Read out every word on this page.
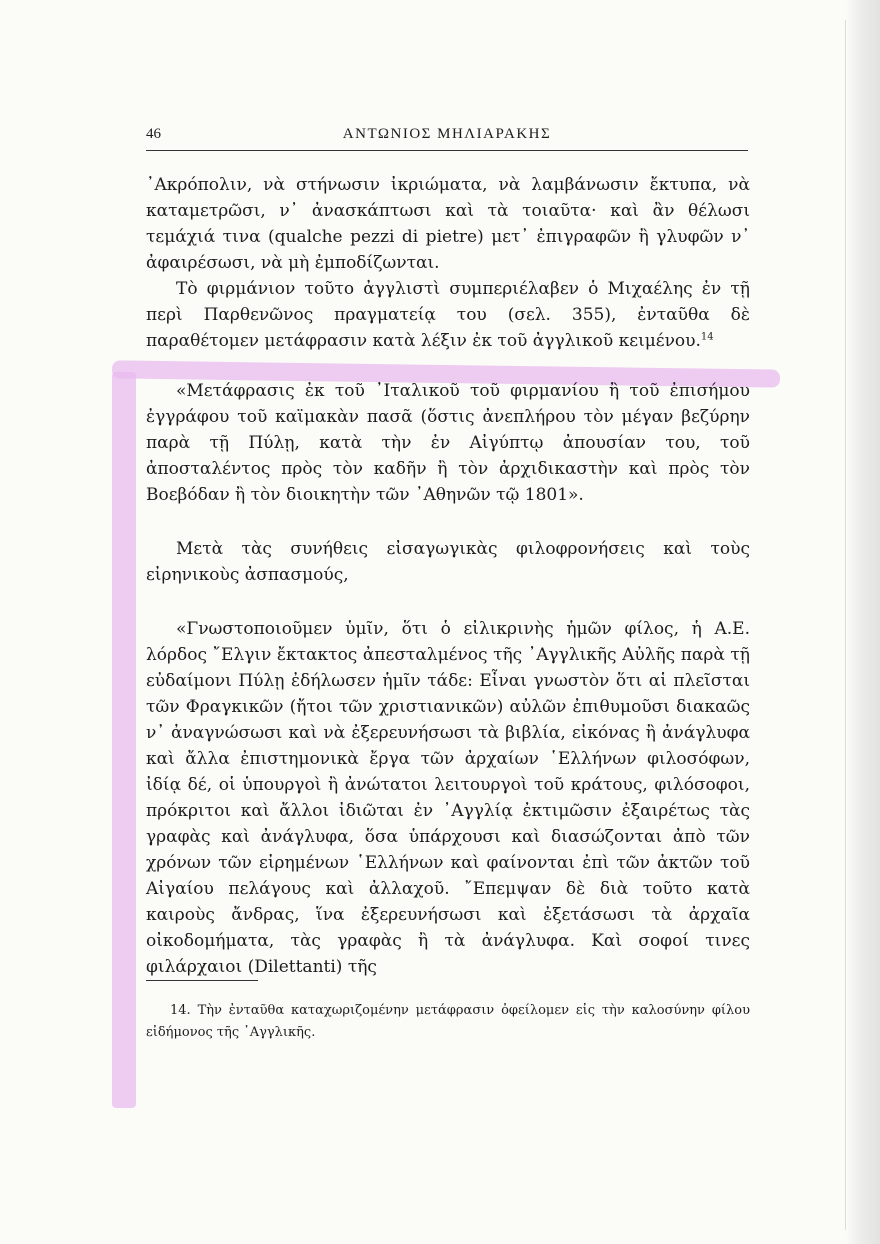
46	ΑΝΤΩΝΙΟΣ ΜΗΛΙΑΡΑΚΗΣ

᾿Ακρόπολιν, νὰ στήνωσιν ἰκριώματα, νὰ λαμβάνωσιν ἔκτυπα, νὰ καταμετρῶσι, ν᾿ ἀνασκάπτωσι καὶ τὰ τοιαῦτα· καὶ ἂν θέλωσι τεμάχιά τινα (qualche pezzi di pietre) μετ᾿ ἐπιγραφῶν ἢ γλυφῶν ν᾿ ἀφαιρέσωσι, νὰ μὴ ἐμποδίζωνται.

Τὸ φιρμάνιον τοῦτο ἀγγλιστὶ συμπεριέλαβεν ὁ Μιχαέλης ἐν τῇ περὶ Παρθενῶνος πραγματείᾳ του (σελ. 355), ἐνταῦθα δὲ παραθέτομεν μετάφρασιν κατὰ λέξιν ἐκ τοῦ ἀγγλικοῦ κειμένου.$^{14}$

«Μετάφρασις ἐκ τοῦ ᾿Ιταλικοῦ τοῦ φιρμανίου ἢ τοῦ ἐπισήμου ἐγγράφου τοῦ καϊμακὰν πασᾶ (ὅστις ἀνεπλήρου τὸν μέγαν βεζύρην παρὰ τῇ Πύλῃ, κατὰ τὴν ἐν Αἰγύπτῳ ἀπουσίαν του, τοῦ ἀποσταλέντος πρὸς τὸν καδῆν ἢ τὸν ἀρχιδικαστὴν καὶ πρὸς τὸν Βοεβόδαν ἢ τὸν διοικητὴν τῶν ᾿Αθηνῶν τῷ 1801».

Μετὰ τὰς συνήθεις εἰσαγωγικὰς φιλοφρονήσεις καὶ τοὺς εἰρηνικοὺς ἀσπασμούς,

«Γνωστοποιοῦμεν ὑμῖν, ὅτι ὁ εἰλικρινὴς ἡμῶν φίλος, ἡ Α.Ε. λόρδος ῎Ελγιν ἔκτακτος ἀπεσταλμένος τῆς ᾿Αγγλικῆς Αὐλῆς παρὰ τῇ εὐδαίμονι Πύλῃ ἐδήλωσεν ἡμῖν τάδε: Εἶναι γνωστὸν ὅτι αἱ πλεῖσται τῶν Φραγκικῶν (ἤτοι τῶν χριστιανικῶν) αὐλῶν ἐπιθυμοῦσι διακαῶς ν᾿ ἀναγνώσωσι καὶ νὰ ἐξερευνήσωσι τὰ βιβλία, εἰκόνας ἢ ἀνάγλυφα καὶ ἄλλα ἐπιστημονικὰ ἔργα τῶν ἀρχαίων ῾Ελλήνων φιλοσόφων, ἰδίᾳ δέ, οἱ ὑπουργοὶ ἢ ἀνώτατοι λειτουργοὶ τοῦ κράτους, φιλόσοφοι, πρόκριτοι καὶ ἄλλοι ἰδιῶται ἐν ᾿Αγγλίᾳ ἐκτιμῶσιν ἐξαιρέτως τὰς γραφὰς καὶ ἀνάγλυφα, ὅσα ὑπάρχουσι καὶ διασώζονται ἀπὸ τῶν χρόνων τῶν εἰρημένων ῾Ελλήνων καὶ φαίνονται ἐπὶ τῶν ἀκτῶν τοῦ Αἰγαίου πελάγους καὶ ἀλλαχοῦ. ῎Επεμψαν δὲ διὰ τοῦτο κατὰ καιροὺς ἄνδρας, ἵνα ἐξερευνήσωσι καὶ ἐξετάσωσι τὰ ἀρχαῖα οἰκοδομήματα, τὰς γραφὰς ἢ τὰ ἀνάγλυφα. Καὶ σοφοί τινες φιλάρχαιοι (Dilettanti) τῆς

14. Τὴν ἐνταῦθα καταχωριζομένην μετάφρασιν ὀφείλομεν εἰς τὴν καλοσύνην φίλου εἰδήμονος τῆς ᾿Αγγλικῆς.
